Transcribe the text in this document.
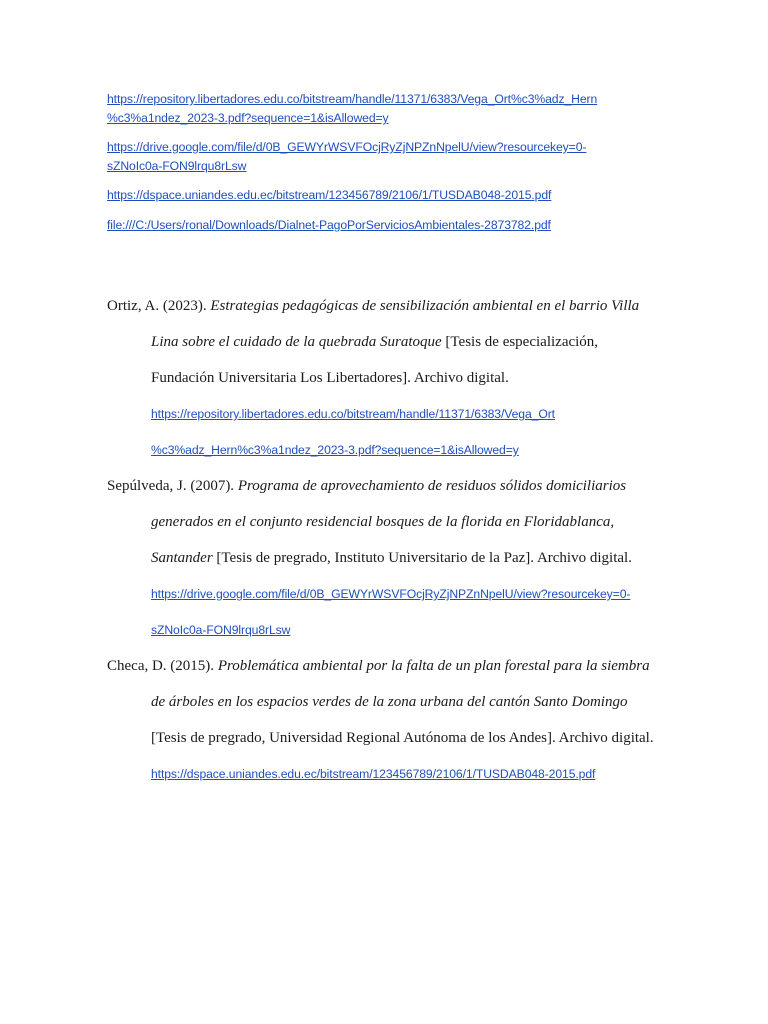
https://repository.libertadores.edu.co/bitstream/handle/11371/6383/Vega_Ort%c3%adz_Hern
%c3%a1ndez_2023-3.pdf?sequence=1&isAllowed=y
https://drive.google.com/file/d/0B_GEWYrWSVFOcjRyZjNPZnNpelU/view?resourcekey=0-
sZNoIc0a-FON9lrqu8rLsw
https://dspace.uniandes.edu.ec/bitstream/123456789/2106/1/TUSDAB048-2015.pdf
file:///C:/Users/ronal/Downloads/Dialnet-PagoPorServiciosAmbientales-2873782.pdf
Ortiz, A. (2023). Estrategias pedagógicas de sensibilización ambiental en el barrio Villa
Lina sobre el cuidado de la quebrada Suratoque [Tesis de especialización,
Fundación Universitaria Los Libertadores]. Archivo digital.
https://repository.libertadores.edu.co/bitstream/handle/11371/6383/Vega_Ort
%c3%adz_Hern%c3%a1ndez_2023-3.pdf?sequence=1&isAllowed=y
Sepúlveda, J. (2007). Programa de aprovechamiento de residuos sólidos domiciliarios
generados en el conjunto residencial bosques de la florida en Floridablanca,
Santander [Tesis de pregrado, Instituto Universitario de la Paz]. Archivo digital.
https://drive.google.com/file/d/0B_GEWYrWSVFOcjRyZjNPZnNpelU/view?resourcekey=0-
sZNoIc0a-FON9lrqu8rLsw
Checa, D. (2015). Problemática ambiental por la falta de un plan forestal para la siembra
de árboles en los espacios verdes de la zona urbana del cantón Santo Domingo
[Tesis de pregrado, Universidad Regional Autónoma de los Andes]. Archivo digital.
https://dspace.uniandes.edu.ec/bitstream/123456789/2106/1/TUSDAB048-2015.pdf
